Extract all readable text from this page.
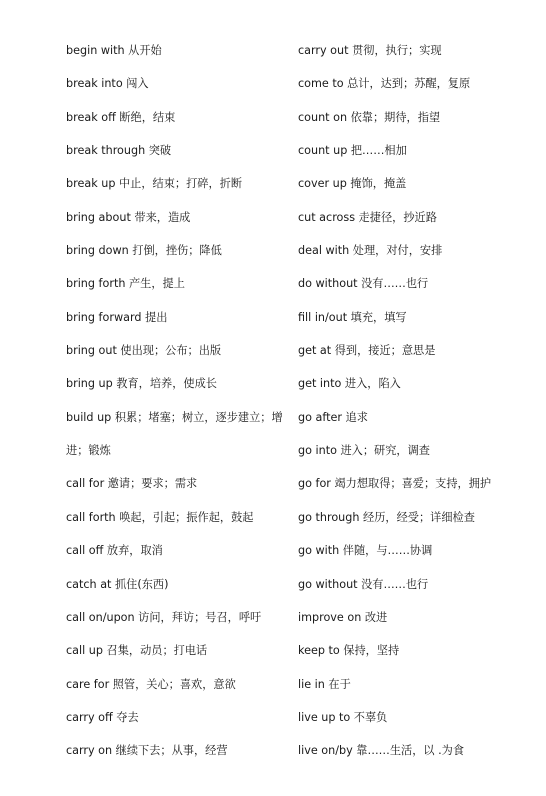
begin with 从开始
break into 闯入
break off 断绝，结束
break through 突破
break up 中止，结束；打碎，折断
bring about 带来，造成
bring down 打倒，挫伤；降低
bring forth 产生，提上
bring forward 提出
bring out 使出现；公布；出版
bring up 教育，培养，使成长
build up 积累；堵塞；树立，逐步建立；增
进；锻炼
call for 邀请；要求；需求
call forth 唤起，引起；振作起，鼓起
call off 放弃，取消
catch at 抓住(东西)
call on/upon 访问，拜访；号召，呼吁
call up 召集，动员；打电话
care for 照管，关心；喜欢，意欲
carry off 夺去
carry on 继续下去；从事，经营
carry out 贯彻，执行；实现
come to 总计，达到；苏醒，复原
count on 依靠；期待，指望
count up 把……相加
cover up 掩饰，掩盖
cut across 走捷径，抄近路
deal with 处理，对付，安排
do without 没有……也行
fill in/out 填充，填写
get at 得到，接近；意思是
get into 进入，陷入
go after 追求
go into 进入；研究，调查
go for 竭力想取得；喜爱；支持，拥护
go through 经历，经受；详细检查
go with 伴随，与……协调
go without 没有……也行
improve on 改进
keep to 保持，坚持
lie in 在于
live up to 不辜负
live on/by 靠……生活，以 .为食
